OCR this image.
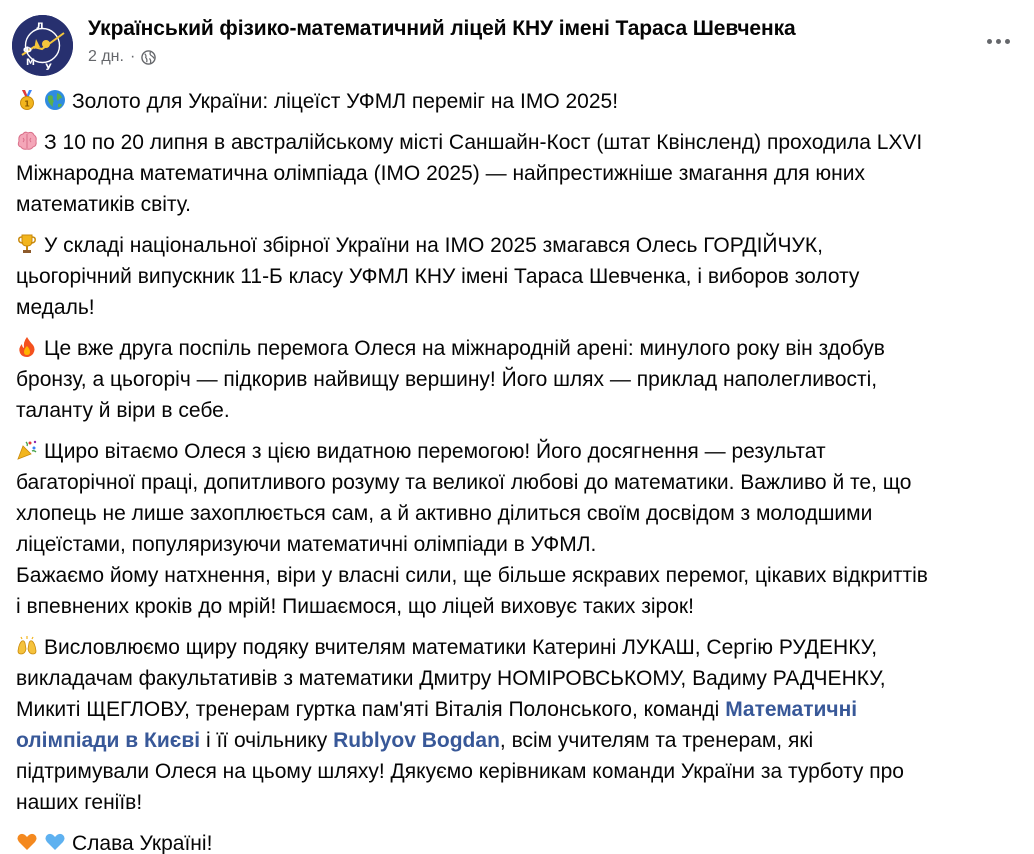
Ф
Л
М У
Український фізико-математичний ліцей КНУ імені Тараса Шевченка
2 дн. ·
1 Золото для України: ліцеїст УФМЛ переміг на IMO 2025!
З 10 по 20 липня в австралійському місті Саншайн-Кост (штат Квінсленд) проходила LXVI
Міжнародна математична олімпіада (IMO 2025) — найпрестижніше змагання для юних
математиків світу.
У складі національної збірної України на IMO 2025 змагався Олесь ГОРДІЙЧУК,
цьогорічний випускник 11-Б класу УФМЛ КНУ імені Тараса Шевченка, і виборов золоту
медаль!
Це вже друга поспіль перемога Олеся на міжнародній арені: минулого року він здобув
бронзу, а цьогоріч — підкорив найвищу вершину! Його шлях — приклад наполегливості,
таланту й віри в себе.
Щиро вітаємо Олеся з цією видатною перемогою! Його досягнення — результат
багаторічної праці, допитливого розуму та великої любові до математики. Важливо й те, що
хлопець не лише захоплюється сам, а й активно ділиться своїм досвідом з молодшими
ліцеїстами, популяризуючи математичні олімпіади в УФМЛ.
Бажаємо йому натхнення, віри у власні сили, ще більше яскравих перемог, цікавих відкриттів
і впевнених кроків до мрій! Пишаємося, що ліцей виховує таких зірок!
Висловлюємо щиру подяку вчителям математики Катерині ЛУКАШ, Сергію РУДЕНКУ,
викладачам факультативів з математики Дмитру НОМІРОВСЬКОМУ, Вадиму РАДЧЕНКУ,
Микиті ЩЕГЛОВУ, тренерам гуртка пам'яті Віталія Полонського, команді Математичні
олімпіади в Києві і її очільнику Rublyov Bogdan, всім учителям та тренерам, які
підтримували Олеся на цьому шляху! Дякуємо керівникам команди України за турботу про
наших геніїв!
Слава Україні!
